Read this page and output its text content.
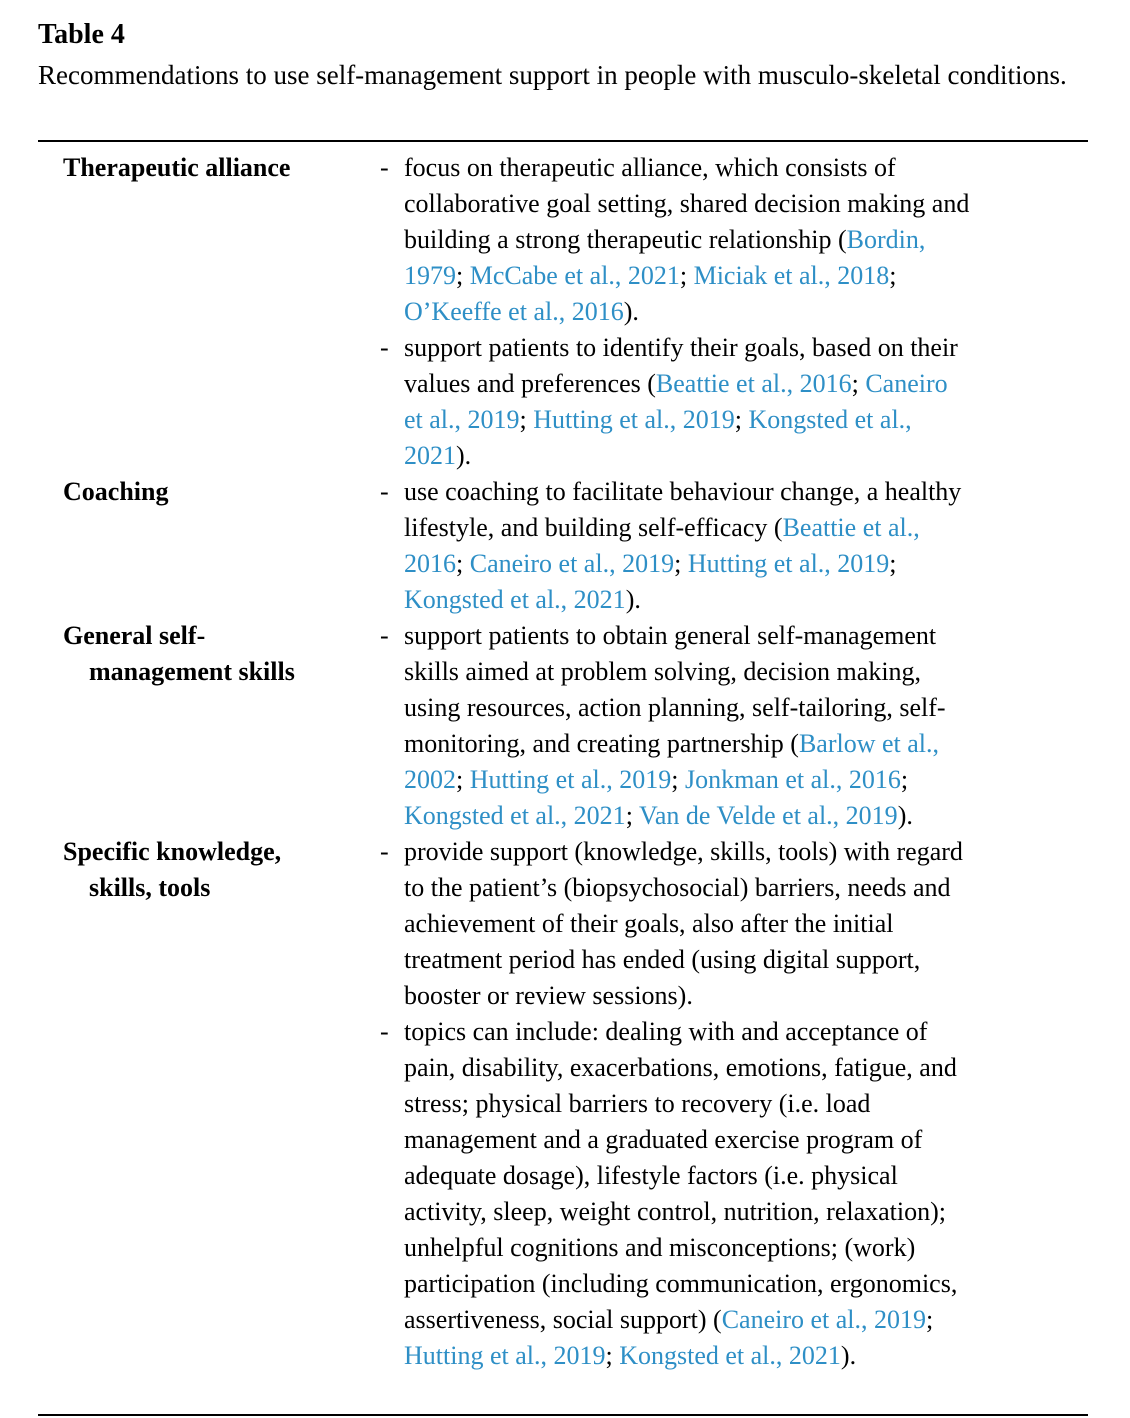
Table 4

Recommendations to use self-management support in people with musculo-skeletal conditions.

Therapeutic alliance	- focus on therapeutic alliance, which consists of
collaborative goal setting, shared decision making and
building a strong therapeutic relationship (Bordin,
1979; McCabe et al., 2021; Miciak et al., 2018;
O’Keeffe et al., 2016).
- support patients to identify their goals, based on their
values and preferences (Beattie et al., 2016; Caneiro
et al., 2019; Hutting et al., 2019; Kongsted et al.,
2021).
Coaching	- use coaching to facilitate behaviour change, a healthy
lifestyle, and building self-efficacy (Beattie et al.,
2016; Caneiro et al., 2019; Hutting et al., 2019;
Kongsted et al., 2021).
General self-
management skills
- support patients to obtain general self-management
skills aimed at problem solving, decision making,
using resources, action planning, self-tailoring, self-
monitoring, and creating partnership (Barlow et al.,
2002; Hutting et al., 2019; Jonkman et al., 2016;
Kongsted et al., 2021; Van de Velde et al., 2019).
Specific knowledge,
skills, tools
- provide support (knowledge, skills, tools) with regard
to the patient’s (biopsychosocial) barriers, needs and
achievement of their goals, also after the initial
treatment period has ended (using digital support,
booster or review sessions).
- topics can include: dealing with and acceptance of
pain, disability, exacerbations, emotions, fatigue, and
stress; physical barriers to recovery (i.e. load
management and a graduated exercise program of
adequate dosage), lifestyle factors (i.e. physical
activity, sleep, weight control, nutrition, relaxation);
unhelpful cognitions and misconceptions; (work)
participation (including communication, ergonomics,
assertiveness, social support) (Caneiro et al., 2019;
Hutting et al., 2019; Kongsted et al., 2021).
